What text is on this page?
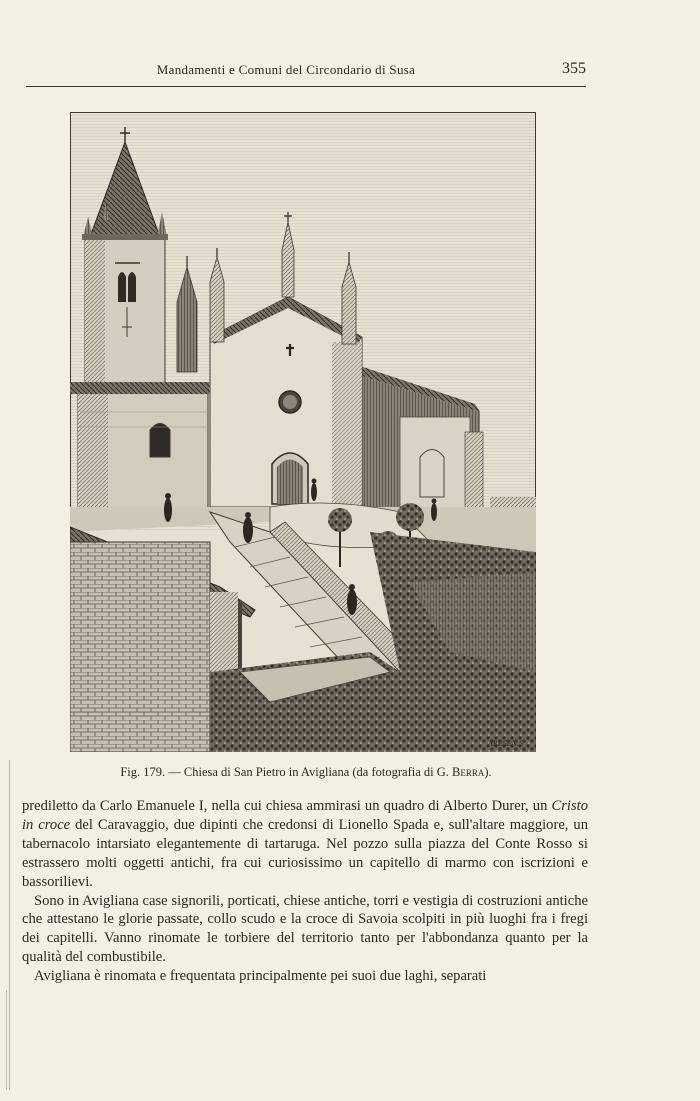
Mandamenti e Comuni del Circondario di Susa	355
ARESEN.S
Fig. 179. — Chiesa di San Pietro in Avigliana (da fotografia di G. Berra).

prediletto da Carlo Emanuele I, nella cui chiesa ammirasi un quadro di Alberto Durer, un Cristo in croce del Caravaggio, due dipinti che credonsi di Lionello Spada e, sull'altare maggiore, un tabernacolo intarsiato elegantemente di tartaruga. Nel pozzo sulla piazza del Conte Rosso si estrassero molti oggetti antichi, fra cui curiosissimo un capitello di marmo con iscrizioni e bassorilievi.

Sono in Avigliana case signorili, porticati, chiese antiche, torri e vestigia di costruzioni antiche che attestano le glorie passate, collo scudo e la croce di Savoia scolpiti in più luoghi fra i fregi dei capitelli. Vanno rinomate le torbiere del territorio tanto per l'abbondanza quanto per la qualità del combustibile.

Avigliana è rinomata e frequentata principalmente pei suoi due laghi, separati
